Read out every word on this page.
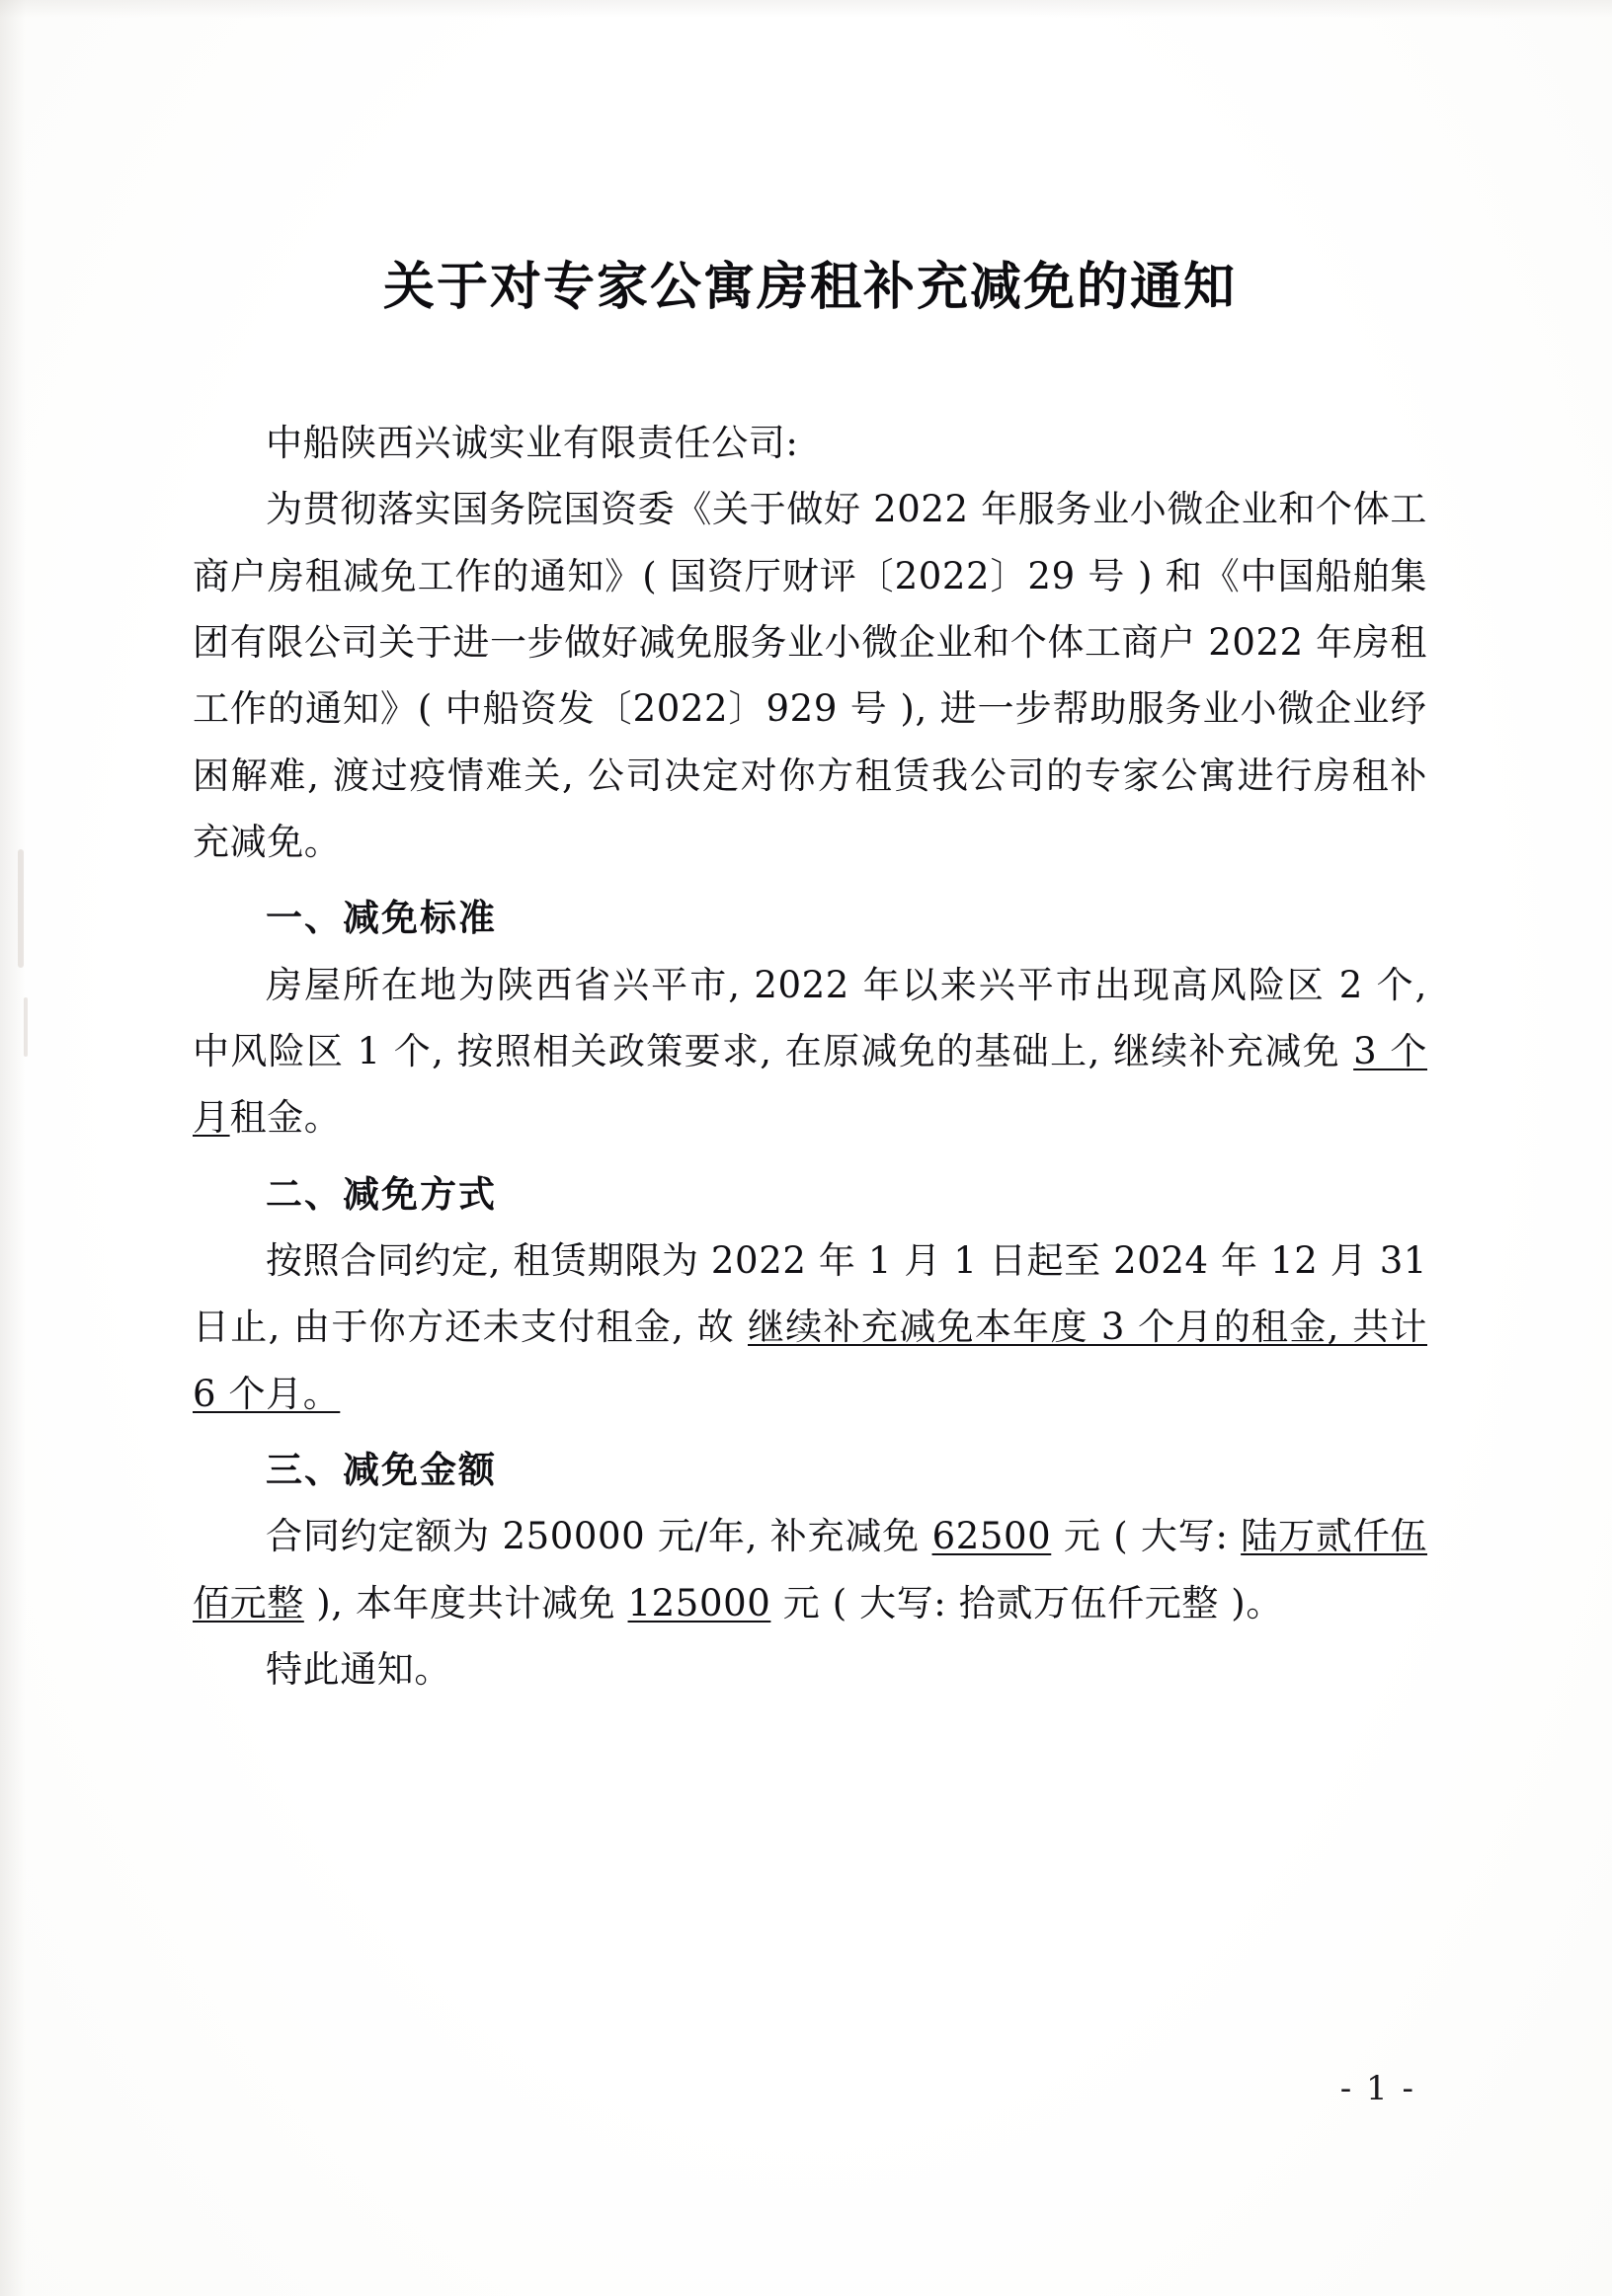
关于对专家公寓房租补充减免的通知

中船陕西兴诚实业有限责任公司:

为贯彻落实国务院国资委《关于做好 2022 年服务业小微企业和个体工商户房租减免工作的通知》( 国资厅财评〔2022〕29 号 ) 和《中国船舶集团有限公司关于进一步做好减免服务业小微企业和个体工商户 2022 年房租工作的通知》( 中船资发〔2022〕929 号 ), 进一步帮助服务业小微企业纾困解难, 渡过疫情难关, 公司决定对你方租赁我公司的专家公寓进行房租补充减免。

一、减免标准

房屋所在地为陕西省兴平市, 2022 年以来兴平市出现高风险区 2 个, 中风险区 1 个, 按照相关政策要求, 在原减免的基础上, 继续补充减免 3 个月租金。

二、减免方式

按照合同约定, 租赁期限为 2022 年 1 月 1 日起至 2024 年 12 月 31 日止, 由于你方还未支付租金, 故 继续补充减免本年度 3 个月的租金, 共计 6 个月。

三、减免金额

合同约定额为 250000 元/年, 补充减免 62500 元 ( 大写: 陆万贰仟伍佰元整 ), 本年度共计减免 125000 元 ( 大写: 拾贰万伍仟元整 )。

特此通知。

- 1 -
